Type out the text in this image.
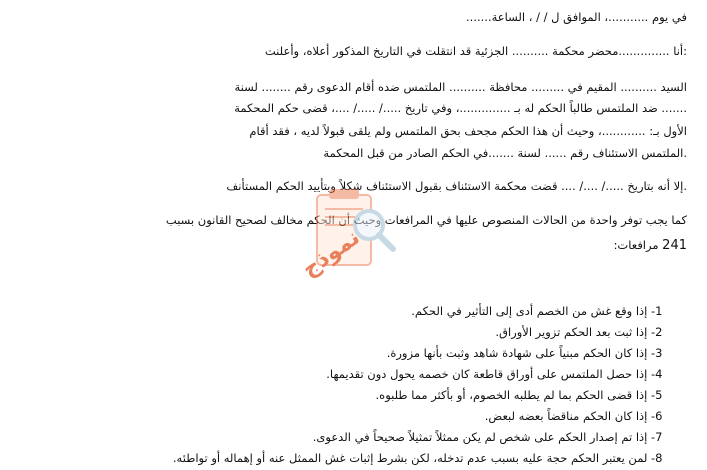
في يوم ...........، الموافق ل / / ، الساعة.......
:أنا ..............محضر محكمة .......... الجزئية قد انتقلت في التاريخ المذكور أعلاه، وأعلنت
السيد .......... المقيم في ......... محافظة .......... الملتمس ضده أقام الدعوى رقم ........ لسنة
....... ضد الملتمس طالباً الحكم له بـ ..............، وفي تاريخ ...../ ...../ ....، قضى حكم المحكمة
الأول بـ: ............، وحيث أن هذا الحكم مجحف بحق الملتمس ولم يلقى قبولاً لديه ، فقد أقام
.الملتمس الاستئناف رقم ...... لسنة .......في الحكم الصادر من قبل المحكمة
.إلا أنه بتاريخ ...../ ..../ .... قضت محكمة الاستئناف بقبول الاستئناف شكلاً وبتأييد الحكم المستأنف
كما يجب توفر واحدة من الحالات المنصوص عليها في المرافعات وحيث أن الحكم مخالف لصحيح القانون بسبب
241 مرافعات:
-1 إذا وقع غش من الخصم أدى إلى التأثير في الحكم.
-2 إذا ثبت بعد الحكم تزوير الأوراق.
-3 إذا كان الحكم مبنياً على شهادة شاهد وثبت بأنها مزورة.
-4 إذا حصل الملتمس على أوراق قاطعة كان خصمه يحول دون تقديمها.
-5 إذا قضى الحكم بما لم يطلبه الخصوم، أو بأكثر مما طلبوه.
-6 إذا كان الحكم مناقضاً بعضه لبعض.
-7 إذا تم إصدار الحكم على شخص لم يكن ممثلاً تمثيلاً صحيحاً في الدعوى.
-8 لمن يعتبر الحكم حجة عليه بسبب عدم تدخله، لكن بشرط إثبات غش الممثل عنه أو إهماله أو تواطئه.
نموذج
